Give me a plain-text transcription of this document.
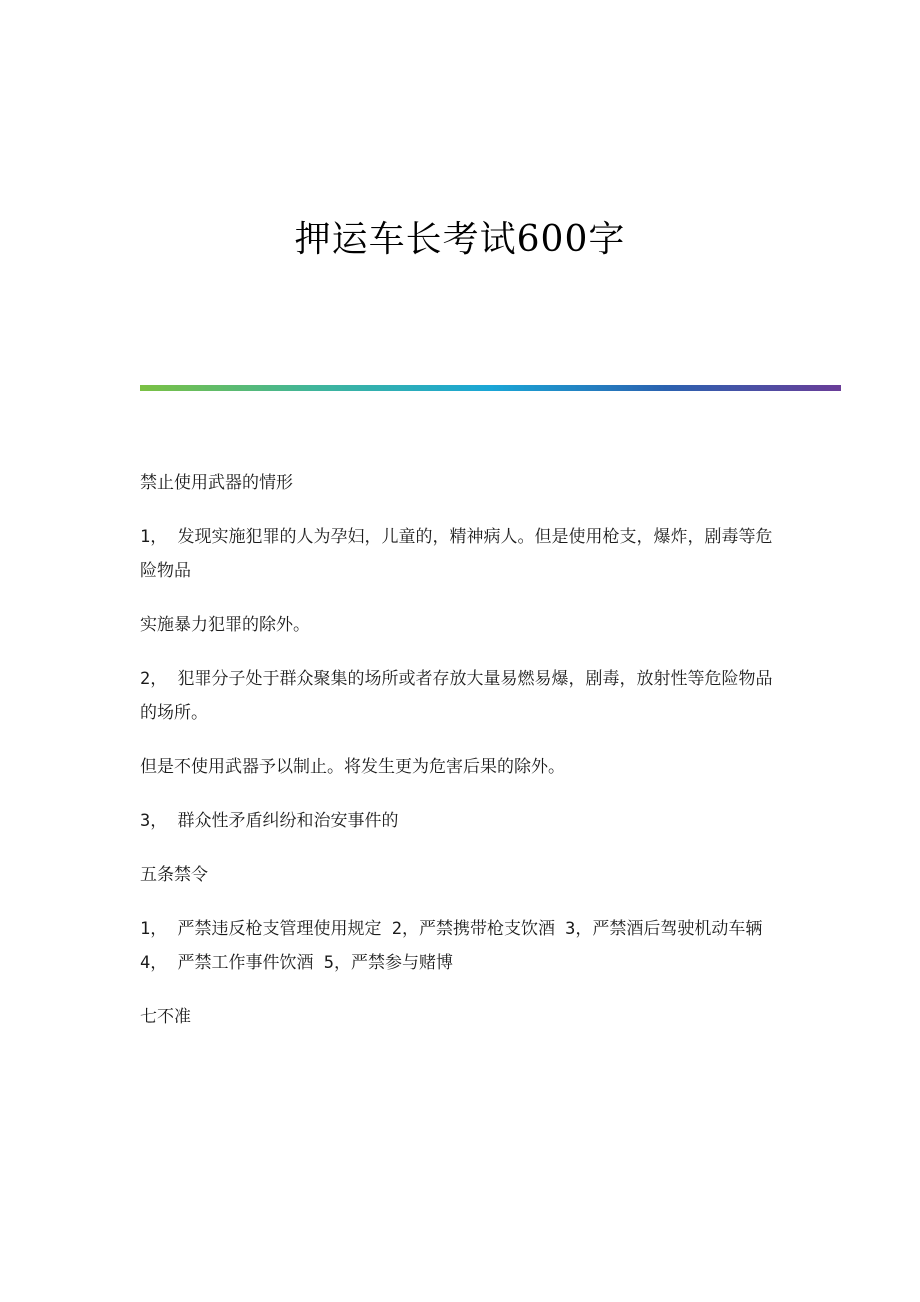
押运车长考试600字

禁止使用武器的情形

1， 发现实施犯罪的人为孕妇，儿童的，精神病人。但是使用枪支，爆炸，剧毒等危险物品

实施暴力犯罪的除外。

2， 犯罪分子处于群众聚集的场所或者存放大量易燃易爆，剧毒，放射性等危险物品的场所。

但是不使用武器予以制止。将发生更为危害后果的除外。

3， 群众性矛盾纠纷和治安事件的

五条禁令

1， 严禁违反枪支管理使用规定 2，严禁携带枪支饮酒 3，严禁酒后驾驶机动车辆 4， 严禁工作事件饮酒 5，严禁参与赌博

七不准
